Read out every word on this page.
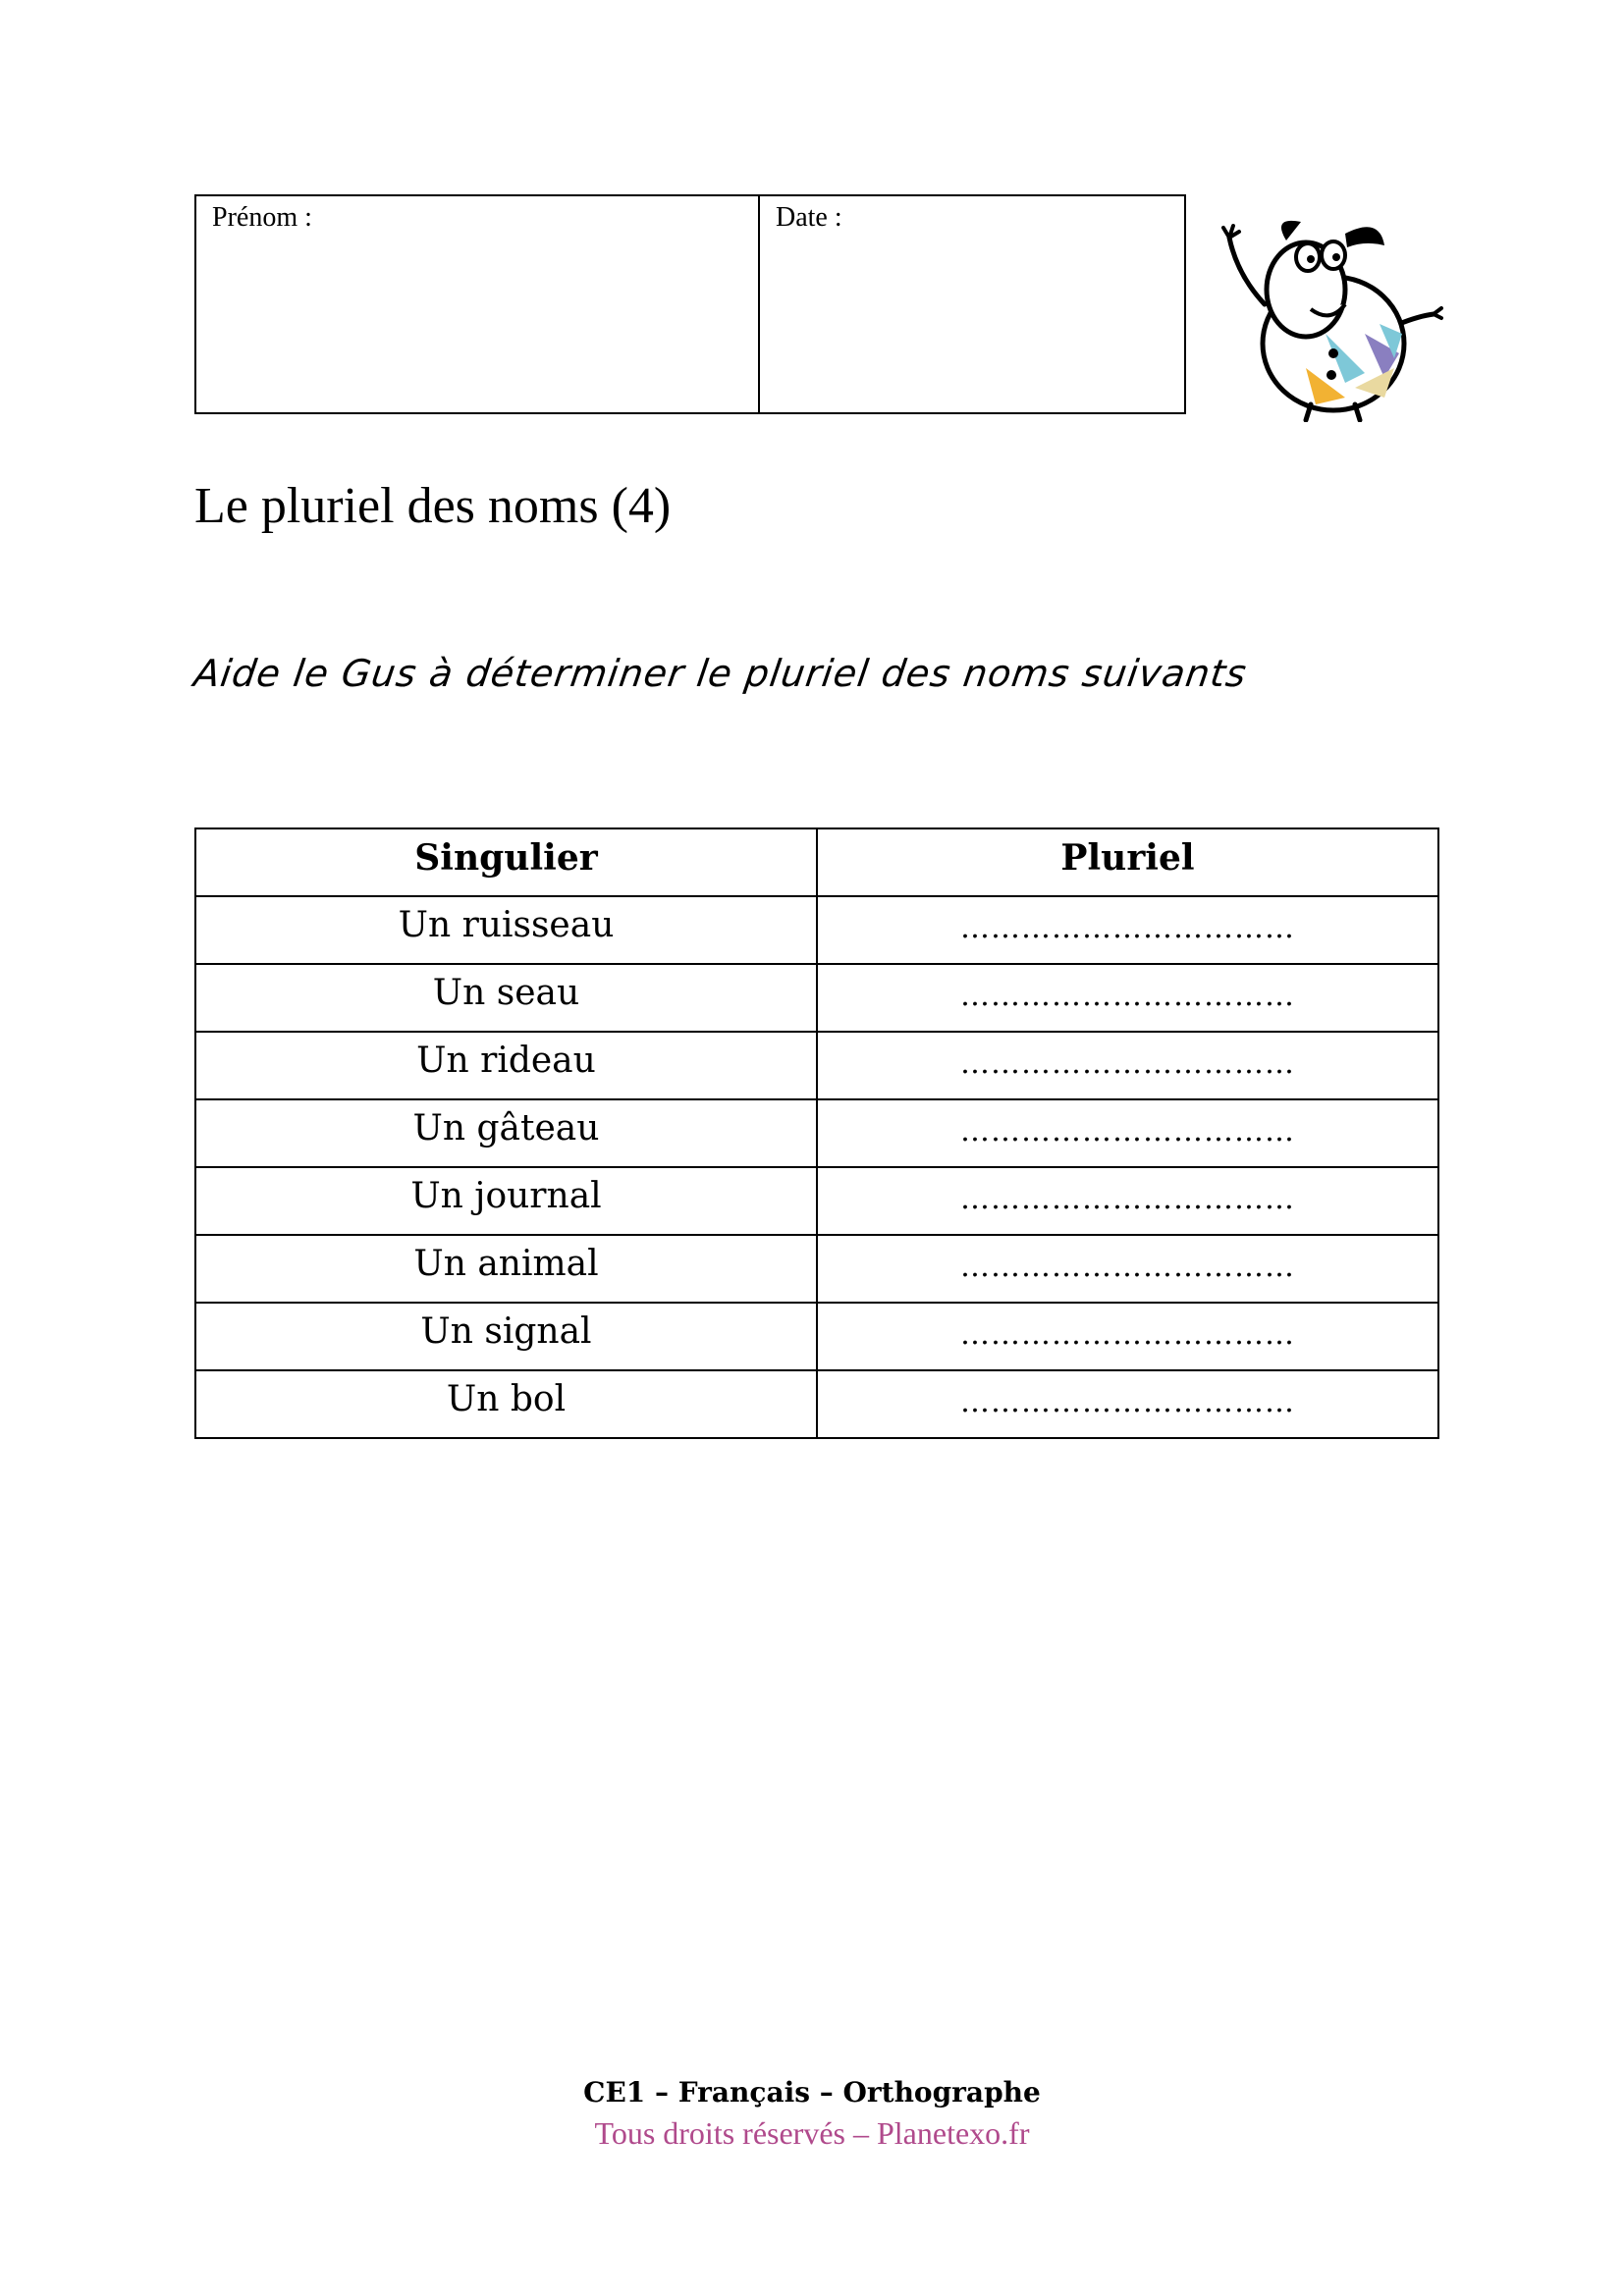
Prénom :	Date :
Le pluriel des noms (4)
Aide le Gus à déterminer le pluriel des noms suivants
Singulier	Pluriel
Un ruisseau	……………………………
Un seau	……………………………
Un rideau	……………………………
Un gâteau	……………………………
Un journal	……………………………
Un animal	……………………………
Un signal	……………………………
Un bol	……………………………
CE1 – Français – Orthographe
Tous droits réservés – Planetexo.fr
